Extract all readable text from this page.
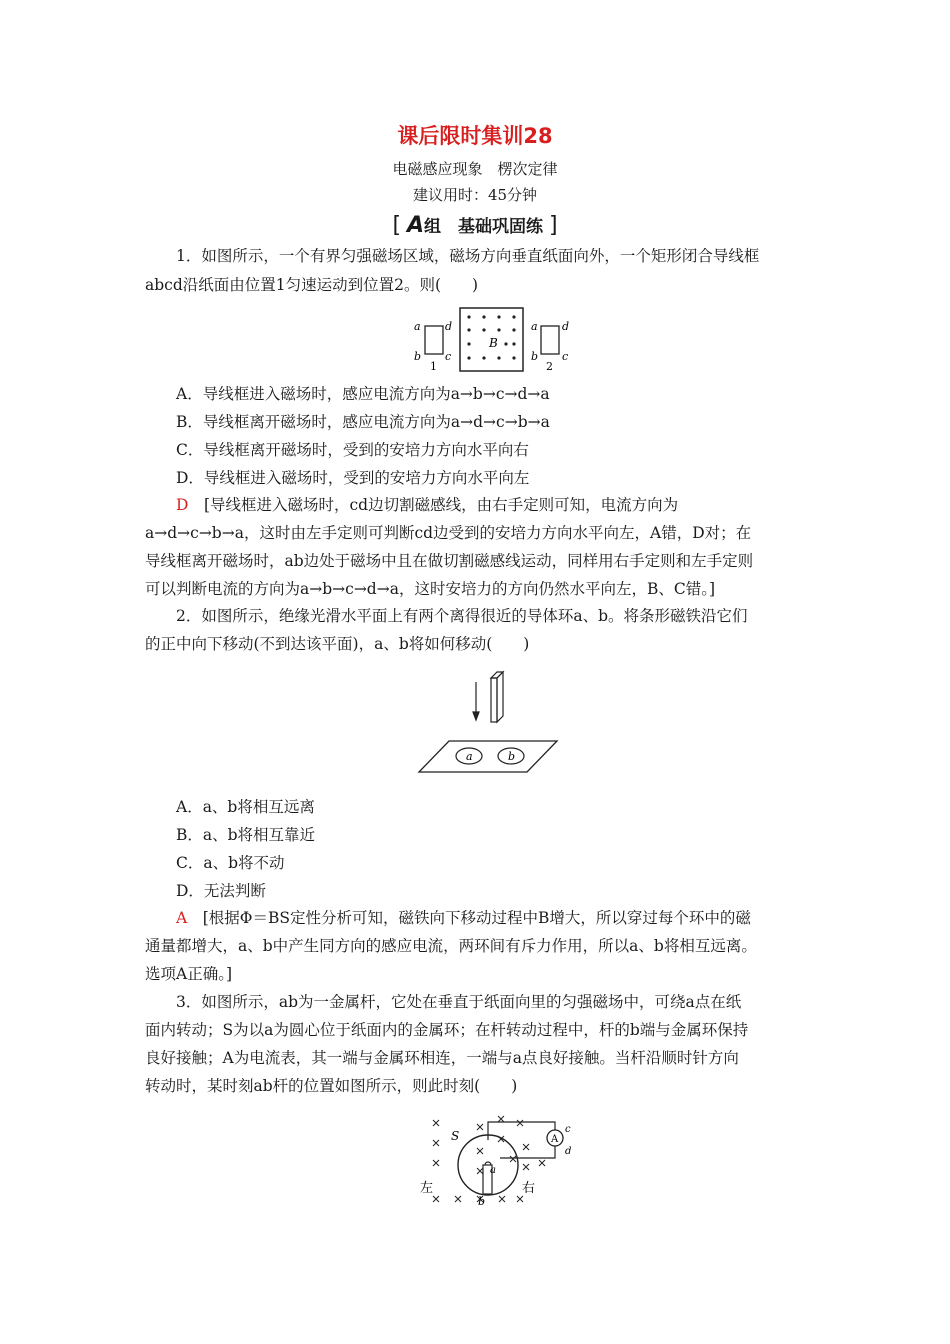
课后限时集训28
电磁感应现象　楞次定律
建议用时：45分钟
[ A组　基础巩固练 ]
1．如图所示，一个有界匀强磁场区域，磁场方向垂直纸面向外，一个矩形闭合导线框
abcd沿纸面由位置1匀速运动到位置2。则(　　)
a
b
d
c
1
B
a
b
d
c
2
A．导线框进入磁场时，感应电流方向为a→b→c→d→a
B．导线框离开磁场时，感应电流方向为a→d→c→b→a
C．导线框离开磁场时，受到的安培力方向水平向右
D．导线框进入磁场时，受到的安培力方向水平向左
D　 [导线框进入磁场时，cd边切割磁感线，由右手定则可知，电流方向为
a→d→c→b→a，这时由左手定则可判断cd边受到的安培力方向水平向左，A错，D对；在
导线框离开磁场时，ab边处于磁场中且在做切割磁感线运动，同样用右手定则和左手定则
可以判断电流的方向为a→b→c→d→a，这时安培力的方向仍然水平向左，B、C错。]
2．如图所示，绝缘光滑水平面上有两个离得很近的导体环a、b。将条形磁铁沿它们
的正中向下移动(不到达该平面)，a、b将如何移动(　　)
a	b
A．a、b将相互远离
B．a、b将相互靠近
C．a、b将不动
D．无法判断
A　 [根据Φ＝BS定性分析可知，磁铁向下移动过程中B增大，所以穿过每个环中的磁
通量都增大，a、b中产生同方向的感应电流，两环间有斥力作用，所以a、b将相互远离。
选项A正确。]
3．如图所示，ab为一金属杆，它处在垂直于纸面向里的匀强磁场中，可绕a点在纸
面内转动；S为以a为圆心位于纸面内的金属环；在杆转动过程中，杆的b端与金属环保持
良好接触；A为电流表，其一端与金属环相连，一端与a点良好接触。当杆沿顺时针方向
转动时，某时刻ab杆的位置如图所示，则此时刻(　　)
A
S
a
b
c
d
左	右
